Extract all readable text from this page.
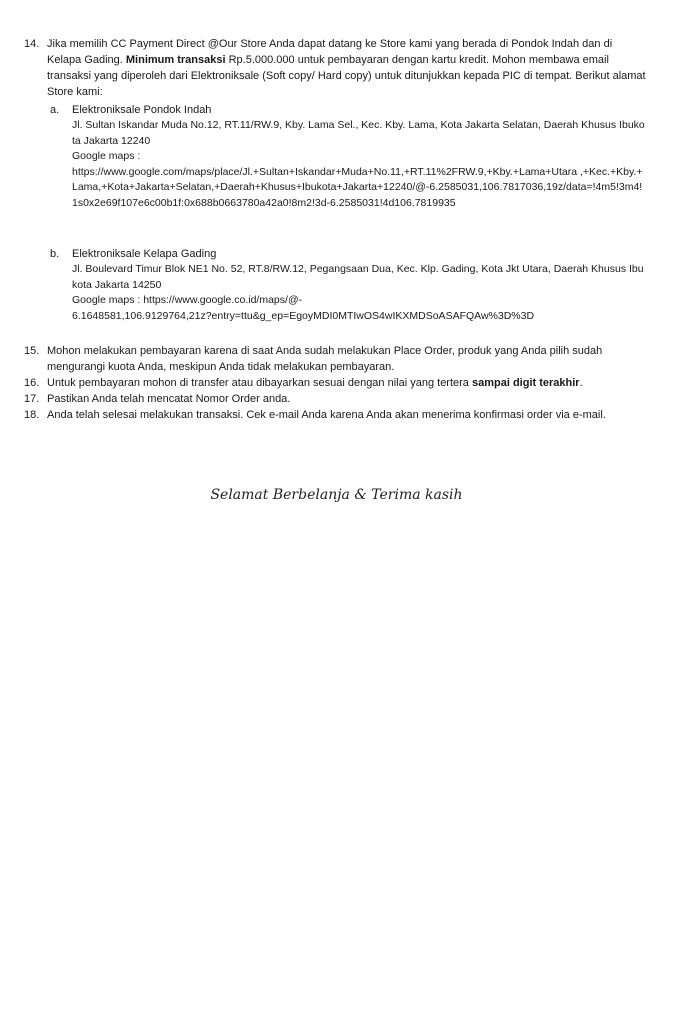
14. Jika memilih CC Payment Direct @Our Store Anda dapat datang ke Store kami yang berada di Pondok Indah dan di Kelapa Gading. Minimum transaksi Rp.5.000.000 untuk pembayaran dengan kartu kredit. Mohon membawa email transaksi yang diperoleh dari Elektroniksale (Soft copy/ Hard copy) untuk ditunjukkan kepada PIC di tempat. Berikut alamat Store kami:
a.	Elektroniksale Pondok Indah
Jl. Sultan Iskandar Muda No.12, RT.11/RW.9, Kby. Lama Sel., Kec. Kby. Lama, Kota Jakarta Selatan, Daerah Khusus Ibukota Jakarta 12240
Google maps :
https://www.google.com/maps/place/Jl.+Sultan+Iskandar+Muda+No.11,+RT.11%2FRW.9,+Kby.+Lama+Utara ,+Kec.+Kby.+Lama,+Kota+Jakarta+Selatan,+Daerah+Khusus+Ibukota+Jakarta+12240/@-6.2585031,106.7817036,19z/data=!4m5!3m4!1s0x2e69f107e6c00b1f:0x688b0663780a42a0!8m2!3d-6.2585031!4d106.7819935
b.	Elektroniksale Kelapa Gading
Jl. Boulevard Timur Blok NE1 No. 52, RT.8/RW.12, Pegangsaan Dua, Kec. Klp. Gading, Kota Jkt Utara, Daerah Khusus Ibukota Jakarta 14250
Google maps : https://www.google.co.id/maps/@-
6.1648581,106.9129764,21z?entry=ttu&g_ep=EgoyMDI0MTIwOS4wIKXMDSoASAFQAw%3D%3D
15. Mohon melakukan pembayaran karena di saat Anda sudah melakukan Place Order, produk yang Anda pilih sudah mengurangi kuota Anda, meskipun Anda tidak melakukan pembayaran.
16. Untuk pembayaran mohon di transfer atau dibayarkan sesuai dengan nilai yang tertera sampai digit terakhir.
17. Pastikan Anda telah mencatat Nomor Order anda.
18. Anda telah selesai melakukan transaksi. Cek e-mail Anda karena Anda akan menerima konfirmasi order via e-mail.
Selamat Berbelanja & Terima kasih
